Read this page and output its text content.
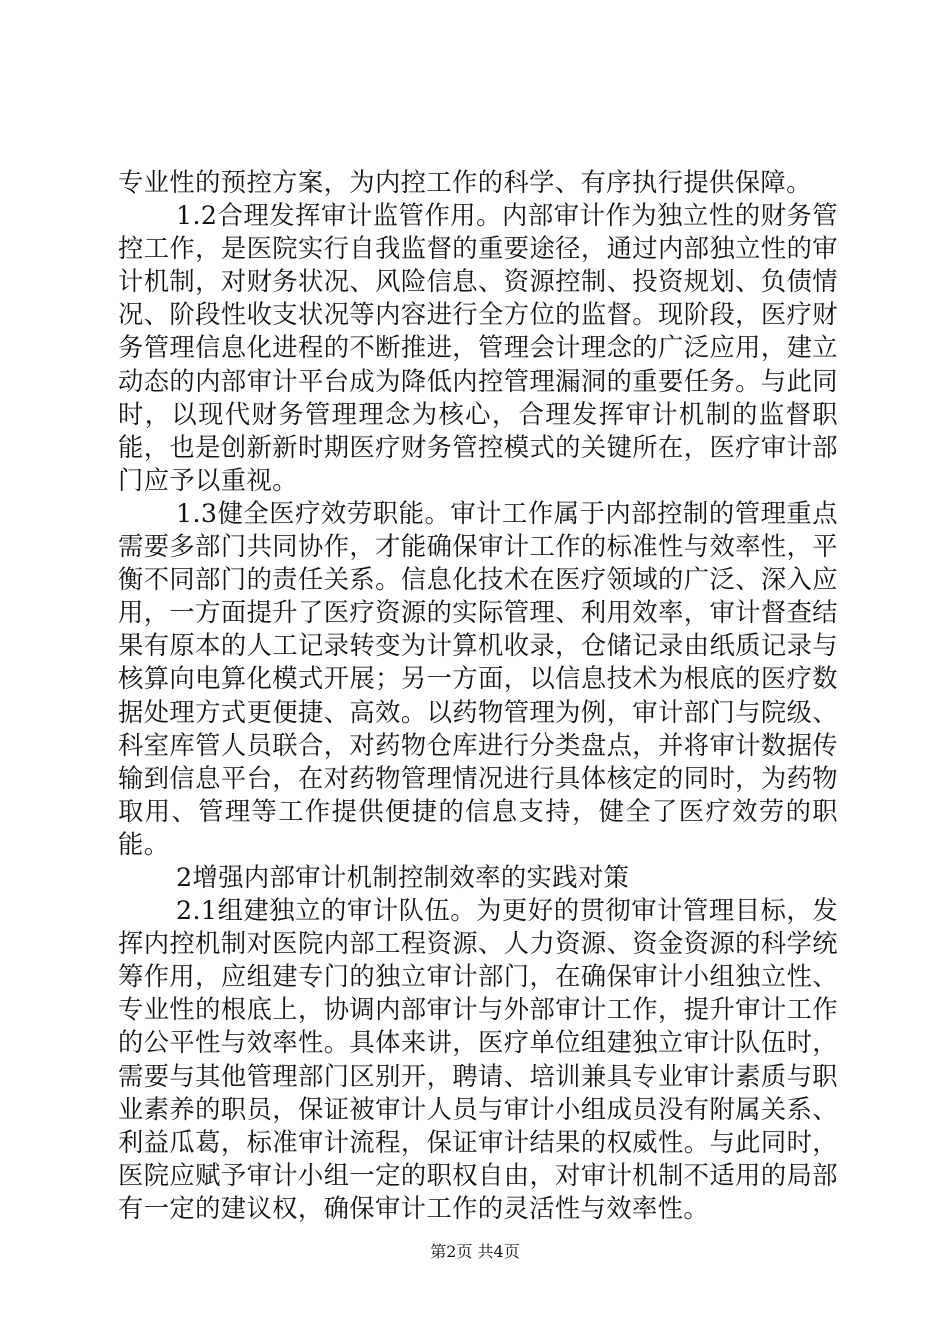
专业性的预控方案，为内控工作的科学、有序执行提供保障。

1.2合理发挥审计监管作用。内部审计作为独立性的财务管控工作，是医院实行自我监督的重要途径，通过内部独立性的审计机制，对财务状况、风险信息、资源控制、投资规划、负债情况、阶段性收支状况等内容进行全方位的监督。现阶段，医疗财务管理信息化进程的不断推进，管理会计理念的广泛应用，建立动态的内部审计平台成为降低内控管理漏洞的重要任务。与此同时，以现代财务管理理念为核心，合理发挥审计机制的监督职能，也是创新新时期医疗财务管控模式的关键所在，医疗审计部门应予以重视。

1.3健全医疗效劳职能。审计工作属于内部控制的管理重点需要多部门共同协作，才能确保审计工作的标准性与效率性，平衡不同部门的责任关系。信息化技术在医疗领域的广泛、深入应用，一方面提升了医疗资源的实际管理、利用效率，审计督查结果有原本的人工记录转变为计算机收录，仓储记录由纸质记录与核算向电算化模式开展；另一方面，以信息技术为根底的医疗数据处理方式更便捷、高效。以药物管理为例，审计部门与院级、科室库管人员联合，对药物仓库进行分类盘点，并将审计数据传输到信息平台，在对药物管理情况进行具体核定的同时，为药物取用、管理等工作提供便捷的信息支持，健全了医疗效劳的职能。

2增强内部审计机制控制效率的实践对策

2.1组建独立的审计队伍。为更好的贯彻审计管理目标，发挥内控机制对医院内部工程资源、人力资源、资金资源的科学统筹作用，应组建专门的独立审计部门，在确保审计小组独立性、专业性的根底上，协调内部审计与外部审计工作，提升审计工作的公平性与效率性。具体来讲，医疗单位组建独立审计队伍时，需要与其他管理部门区别开，聘请、培训兼具专业审计素质与职业素养的职员，保证被审计人员与审计小组成员没有附属关系、利益瓜葛，标准审计流程，保证审计结果的权威性。与此同时，医院应赋予审计小组一定的职权自由，对审计机制不适用的局部有一定的建议权，确保审计工作的灵活性与效率性。

第2页 共4页
